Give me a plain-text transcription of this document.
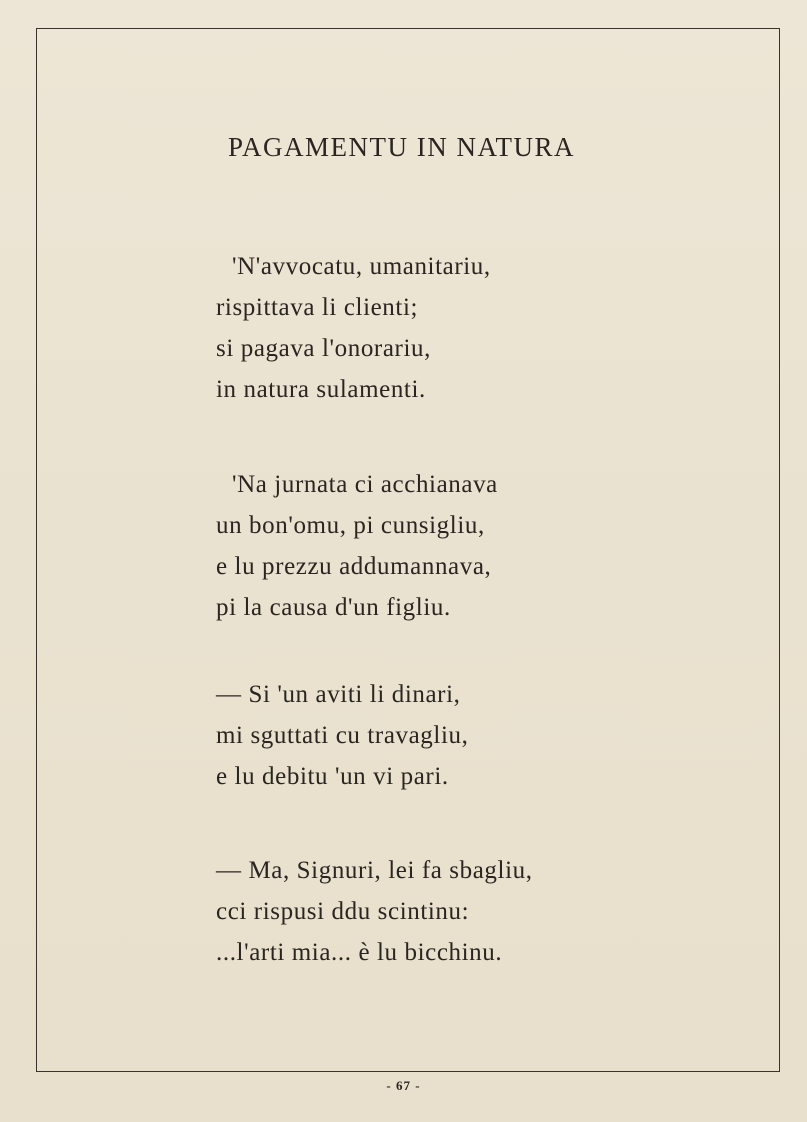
PAGAMENTU IN NATURA
'N'avvocatu, umanitariu,
rispittava li clienti;
si pagava l'onorariu,
in natura sulamenti.
'Na jurnata ci acchianava
un bon'omu, pi cunsigliu,
e lu prezzu addumannava,
pi la causa d'un figliu.
— Si 'un aviti li dinari,
mi sguttati cu travagliu,
e lu debitu 'un vi pari.
— Ma, Signuri, lei fa sbagliu,
cci rispusi ddu scintinu:
...l'arti mia... è lu bicchinu.
- 67 -
